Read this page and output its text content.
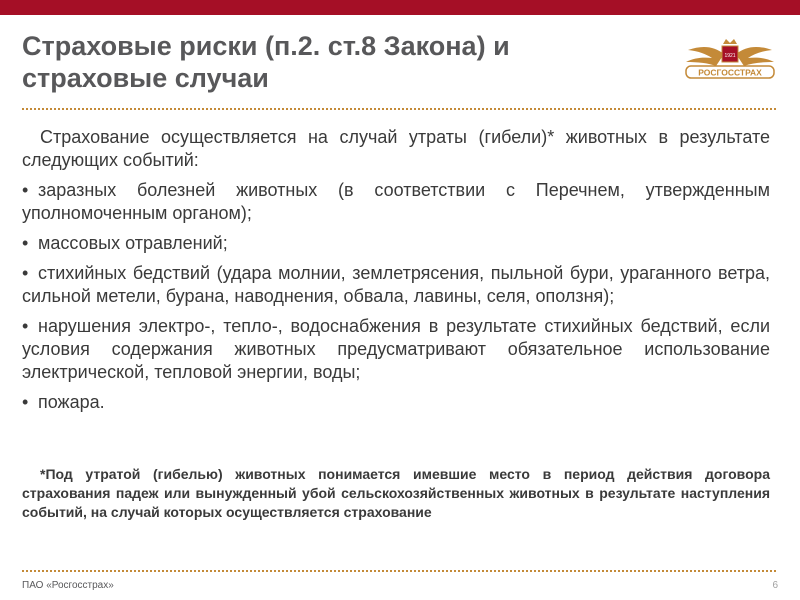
Страховые риски (п.2. ст.8 Закона) и
страховые случаи
1921
РОСГОССТРАХ

Страхование осуществляется на случай утраты (гибели)* животных в результате следующих событий:

• заразных болезней животных (в соответствии с Перечнем, утвержденным уполномоченным органом);
• массовых отравлений;
• стихийных бедствий (удара молнии, землетрясения, пыльной бури, ураганного ветра, сильной метели, бурана, наводнения, обвала, лавины, селя, оползня);
• нарушения электро-, тепло-, водоснабжения в результате стихийных бедствий, если условия содержания животных предусматривают обязательное использование электрической, тепловой энергии, воды;
• пожара.

*Под утратой (гибелью) животных понимается имевшие место в период действия договора страхования падеж или вынужденный убой сельскохозяйственных животных в результате наступления событий, на случай которых осуществляется страхование

ПАО «Росгосстрах»	6
